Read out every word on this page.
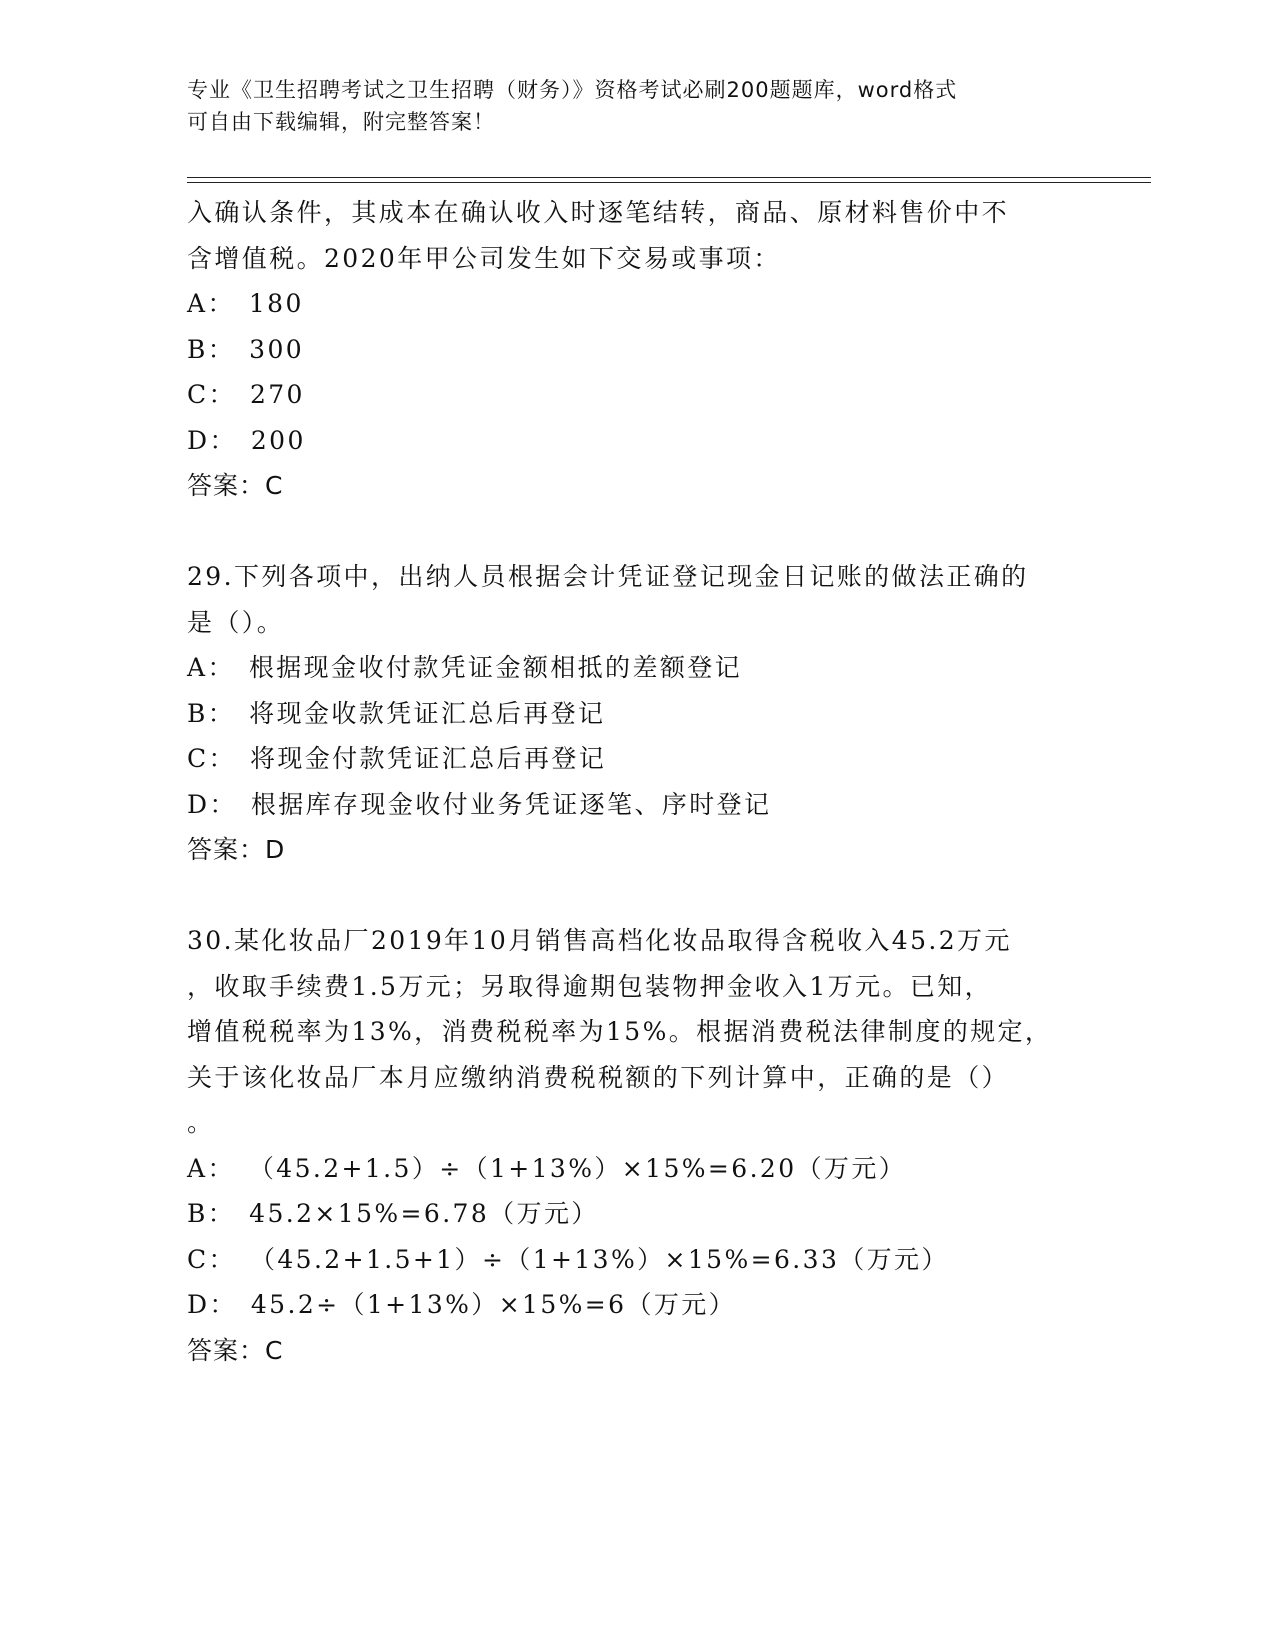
专业《卫生招聘考试之卫生招聘（财务）》资格考试必刷200题题库，word格式
可自由下载编辑，附完整答案！
入确认条件，其成本在确认收入时逐笔结转，商品、原材料售价中不
含增值税。2020年甲公司发生如下交易或事项：
A： 180
B： 300
C： 270
D： 200
答案：C
29.下列各项中，出纳人员根据会计凭证登记现金日记账的做法正确的
是（）。
A： 根据现金收付款凭证金额相抵的差额登记
B： 将现金收款凭证汇总后再登记
C： 将现金付款凭证汇总后再登记
D： 根据库存现金收付业务凭证逐笔、序时登记
答案：D
30.某化妆品厂2019年10月销售高档化妆品取得含税收入45.2万元
，收取手续费1.5万元；另取得逾期包装物押金收入1万元。已知，
增值税税率为13%，消费税税率为15%。根据消费税法律制度的规定，
关于该化妆品厂本月应缴纳消费税税额的下列计算中，正确的是（）
。
A： （45.2+1.5）÷（1+13%）×15%=6.20（万元）
B： 45.2×15%=6.78（万元）
C： （45.2+1.5+1）÷（1+13%）×15%=6.33（万元）
D： 45.2÷（1+13%）×15%=6（万元）
答案：C
